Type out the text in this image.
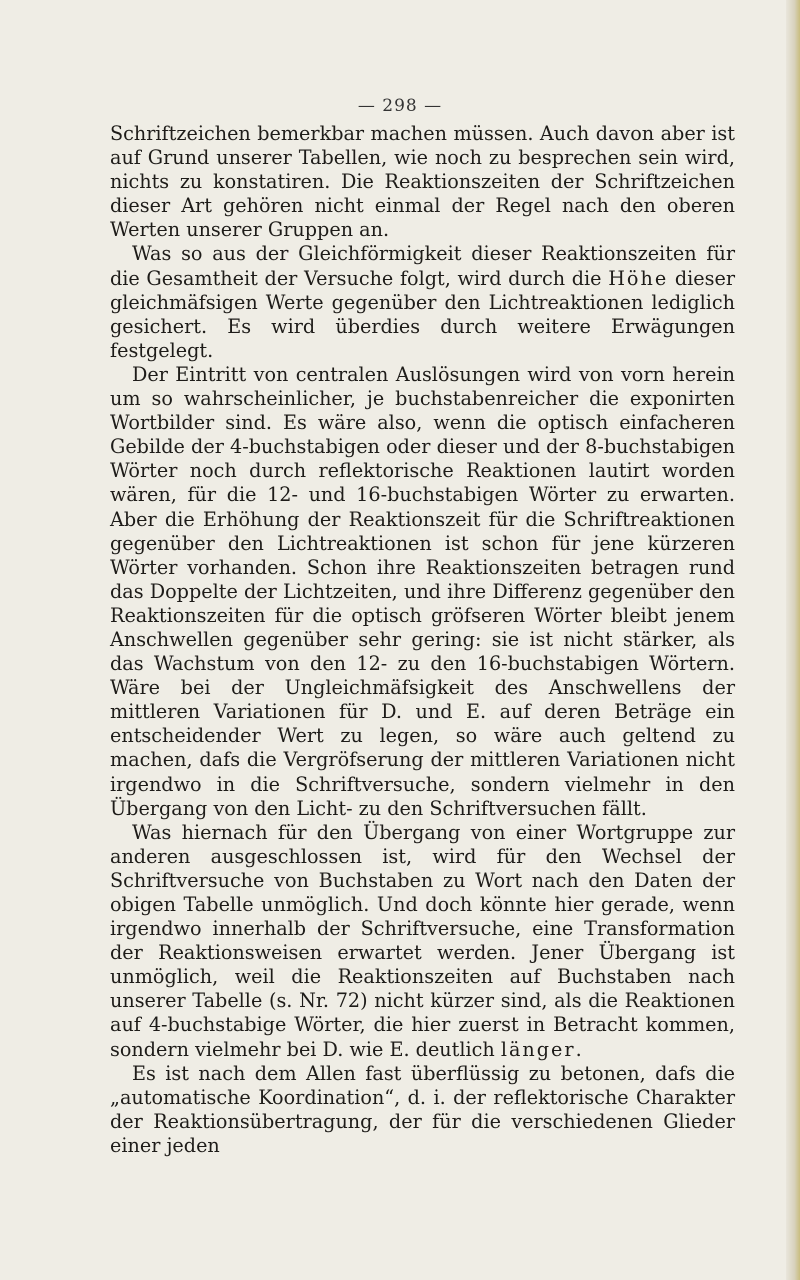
— 298 —

Schriftzeichen bemerkbar machen müssen. Auch davon aber ist auf Grund unserer Tabellen, wie noch zu besprechen sein wird, nichts zu konstatiren. Die Reaktionszeiten der Schriftzeichen dieser Art gehören nicht einmal der Regel nach den oberen Werten unserer Gruppen an.

Was so aus der Gleichförmigkeit dieser Reaktionszeiten für die Gesamtheit der Versuche folgt, wird durch die Höhe dieser gleichmäfsigen Werte gegenüber den Lichtreaktionen lediglich gesichert. Es wird überdies durch weitere Erwägungen festgelegt.

Der Eintritt von centralen Auslösungen wird von vorn herein um so wahrscheinlicher, je buchstabenreicher die exponirten Wortbilder sind. Es wäre also, wenn die optisch einfacheren Gebilde der 4-buchstabigen oder dieser und der 8-buchstabigen Wörter noch durch reflektorische Reaktionen lautirt worden wären, für die 12- und 16-buchstabigen Wörter zu erwarten. Aber die Erhöhung der Reaktionszeit für die Schriftreaktionen gegenüber den Lichtreaktionen ist schon für jene kürzeren Wörter vorhanden. Schon ihre Reaktionszeiten betragen rund das Doppelte der Lichtzeiten, und ihre Differenz gegenüber den Reaktionszeiten für die optisch gröfseren Wörter bleibt jenem Anschwellen gegenüber sehr gering: sie ist nicht stärker, als das Wachstum von den 12- zu den 16-buchstabigen Wörtern. Wäre bei der Ungleichmäfsigkeit des Anschwellens der mittleren Variationen für D. und E. auf deren Beträge ein entscheidender Wert zu legen, so wäre auch geltend zu machen, dafs die Vergröfserung der mittleren Variationen nicht irgendwo in die Schriftversuche, sondern vielmehr in den Übergang von den Licht- zu den Schriftversuchen fällt.

Was hiernach für den Übergang von einer Wortgruppe zur anderen ausgeschlossen ist, wird für den Wechsel der Schriftversuche von Buchstaben zu Wort nach den Daten der obigen Tabelle unmöglich. Und doch könnte hier gerade, wenn irgendwo innerhalb der Schriftversuche, eine Transformation der Reaktionsweisen erwartet werden. Jener Übergang ist unmöglich, weil die Reaktionszeiten auf Buchstaben nach unserer Tabelle (s. Nr. 72) nicht kürzer sind, als die Reaktionen auf 4-buchstabige Wörter, die hier zuerst in Betracht kommen, sondern vielmehr bei D. wie E. deutlich länger.

Es ist nach dem Allen fast überflüssig zu betonen, dafs die „automatische Koordination“, d. i. der reflektorische Charakter der Reaktionsübertragung, der für die verschiedenen Glieder einer jeden
